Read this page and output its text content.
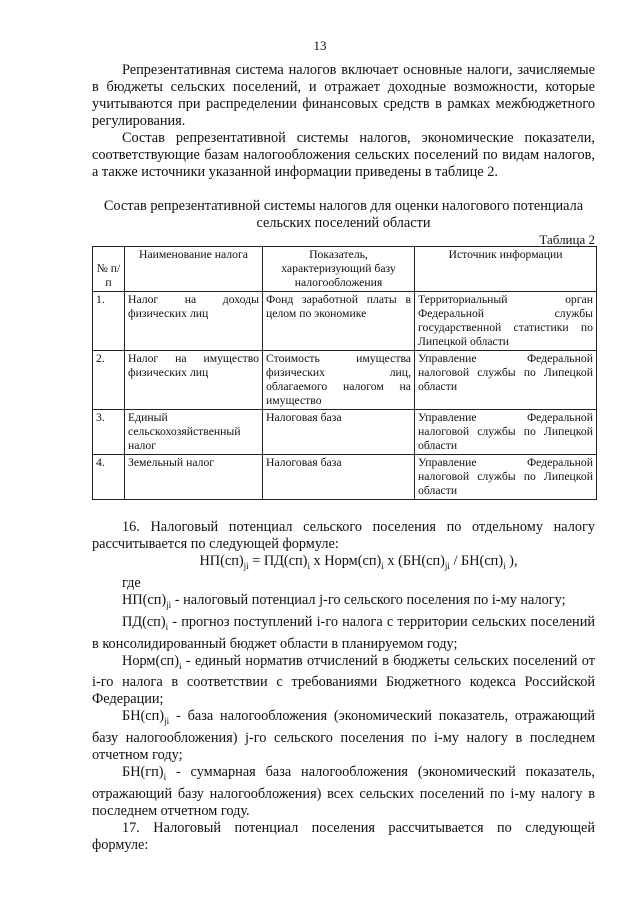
13

Репрезентативная система налогов включает основные налоги, зачисляемые в бюджеты сельских поселений, и отражает доходные возможности, которые учитываются при распределении финансовых средств в рамках межбюджетного регулирования.

Состав репрезентативной системы налогов, экономические показатели, соответствующие базам налогообложения сельских поселений по видам налогов, а также источники указанной информации приведены в таблице 2.

Состав репрезентативной системы налогов для оценки налогового потенциала сельских поселений области
Таблица 2
№ п/п	Наименование налога	Показатель, характеризующий базу налогообложения	Источник информации
1.	Налог на доходы физических лиц	Фонд заработной платы в целом по экономике	Территориальный орган Федеральной службы государственной статистики по Липецкой области
2.	Налог на имущество физических лиц	Стоимость имущества физических лиц, облагаемого налогом на имущество	Управление Федеральной налоговой службы по Липецкой области
3.	Единый сельскохозяйственный налог	Налоговая база	Управление Федеральной налоговой службы по Липецкой области
4.	Земельный налог	Налоговая база	Управление Федеральной налоговой службы по Липецкой области

16. Налоговый потенциал сельского поселения по отдельному налогу рассчитывается по следующей формуле:

$НП(сп)_{ji} = ПД(сп)_i$ x $Норм(сп)_i$ x ($БН(сп)_{ji} / БН(сп)_i$ ),

где

$НП(сп)_{ji}$ - налоговый потенциал j-го сельского поселения по i-му налогу;

$ПД(сп)_i$ - прогноз поступлений i-го налога с территории сельских поселений в консолидированный бюджет области в планируемом году;

$Норм(сп)_i$ - единый норматив отчислений в бюджеты сельских поселений от i-го налога в соответствии с требованиями Бюджетного кодекса Российской Федерации;

$БН(сп)_{ji}$ - база налогообложения (экономический показатель, отражающий базу налогообложения) j-го сельского поселения по i-му налогу в последнем отчетном году;

$БН(гп)_i$ - суммарная база налогообложения (экономический показатель, отражающий базу налогообложения) всех сельских поселений по i-му налогу в последнем отчетном году.

17. Налоговый потенциал поселения рассчитывается по следующей формуле:
